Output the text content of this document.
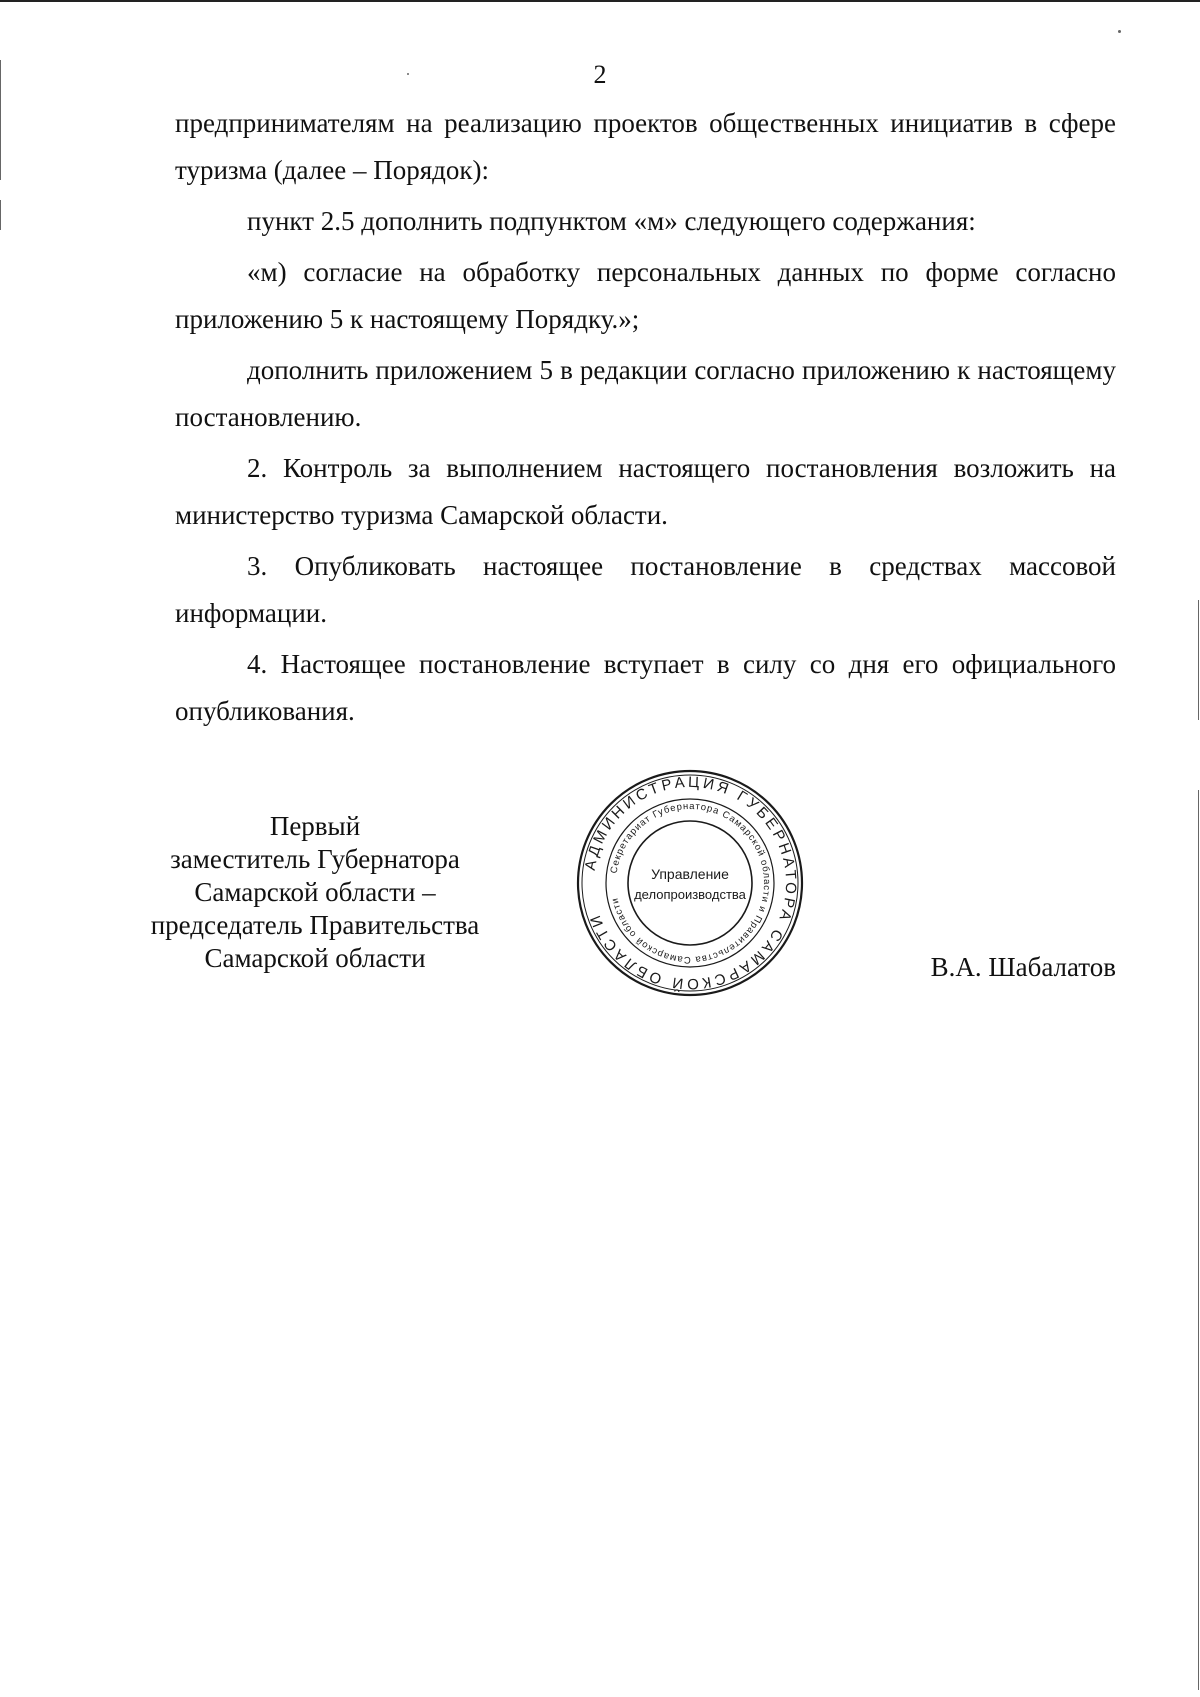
2

предпринимателям на реализацию проектов общественных инициатив в сфере туризма (далее – Порядок):

пункт 2.5 дополнить подпунктом «м» следующего содержания:

«м) согласие на обработку персональных данных по форме согласно приложению 5 к настоящему Порядку.»;

дополнить приложением 5 в редакции согласно приложению к настоящему постановлению.

2. Контроль за выполнением настоящего постановления возложить на министерство туризма Самарской области.

3. Опубликовать настоящее постановление в средствах массовой информации.

4. Настоящее постановление вступает в силу со дня его официального опубликования.

Первый
заместитель Губернатора
Самарской области –
председатель Правительства
Самарской области
АДМИНИСТРАЦИЯ ГУБЕРНАТОРА САМАРСКОЙ ОБЛАСТИ
Секретариат Губернатора Самарской области и Правительства Самарской области
Управление
делопроизводства
В.А. Шабалатов
